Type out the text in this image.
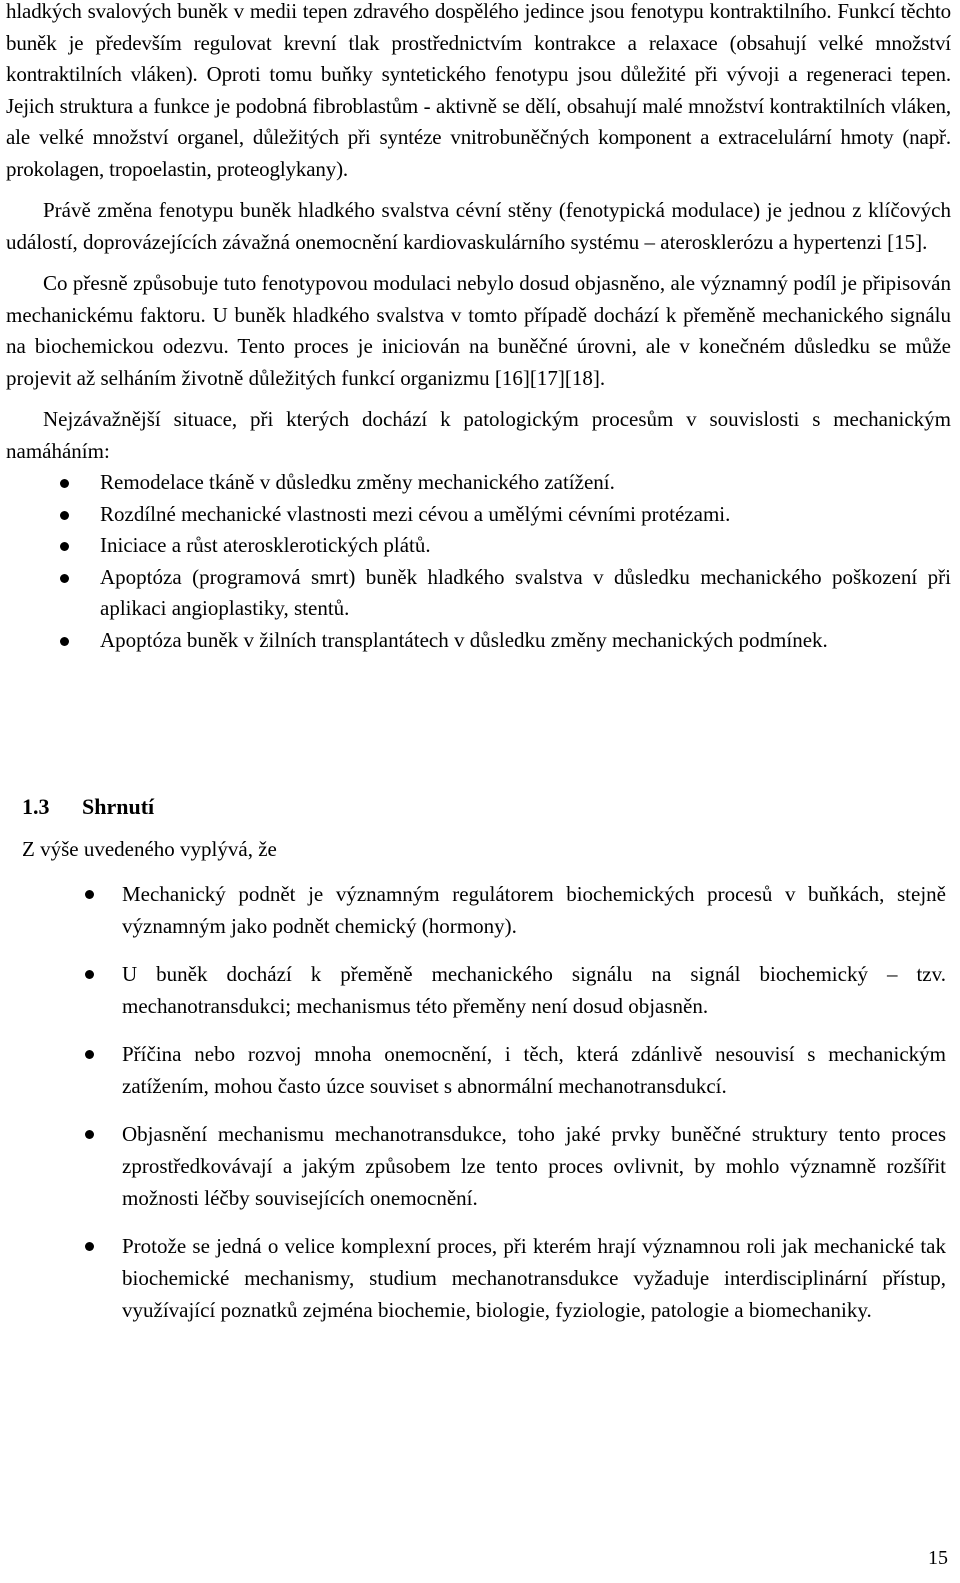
hladkých svalových buněk v medii tepen zdravého dospělého jedince jsou fenotypu kontraktilního. Funkcí těchto buněk je především regulovat krevní tlak prostřednictvím kontrakce a relaxace (obsahují velké množství kontraktilních vláken). Oproti tomu buňky syntetického fenotypu jsou důležité při vývoji a regeneraci tepen. Jejich struktura a funkce je podobná fibroblastům - aktivně se dělí, obsahují malé množství kontraktilních vláken, ale velké množství organel, důležitých při syntéze vnitrobuněčných komponent a extracelulární hmoty (např. prokolagen, tropoelastin, proteoglykany).

Právě změna fenotypu buněk hladkého svalstva cévní stěny (fenotypická modulace) je jednou z klíčových událostí, doprovázejících závažná onemocnění kardiovaskulárního systému – aterosklerózu a hypertenzi [15].

Co přesně způsobuje tuto fenotypovou modulaci nebylo dosud objasněno, ale významný podíl je připisován mechanickému faktoru. U buněk hladkého svalstva v tomto případě dochází k přeměně mechanického signálu na biochemickou odezvu. Tento proces je iniciován na buněčné úrovni, ale v konečném důsledku se může projevit až selháním životně důležitých funkcí organizmu [16][17][18].

Nejzávažnější situace, při kterých dochází k patologickým procesům v souvislosti s mechanickým namáháním:

Remodelace tkáně v důsledku změny mechanického zatížení.
Rozdílné mechanické vlastnosti mezi cévou a umělými cévními protézami.
Iniciace a růst aterosklerotických plátů.
Apoptóza (programová smrt) buněk hladkého svalstva v důsledku mechanického poškození při aplikaci angioplastiky, stentů.
Apoptóza buněk v žilních transplantátech v důsledku změny mechanických podmínek.
1.3 Shrnutí
Z výše uvedeného vyplývá, že
Mechanický podnět je významným regulátorem biochemických procesů v buňkách, stejně významným jako podnět chemický (hormony).
U buněk dochází k přeměně mechanického signálu na signál biochemický – tzv. mechanotransdukci; mechanismus této přeměny není dosud objasněn.
Příčina nebo rozvoj mnoha onemocnění, i těch, která zdánlivě nesouvisí s mechanickým zatížením, mohou často úzce souviset s abnormální mechanotransdukcí.
Objasnění mechanismu mechanotransdukce, toho jaké prvky buněčné struktury tento proces zprostředkovávají a jakým způsobem lze tento proces ovlivnit, by mohlo významně rozšířit možnosti léčby souvisejících onemocnění.
Protože se jedná o velice komplexní proces, při kterém hrají významnou roli jak mechanické tak biochemické mechanismy, studium mechanotransdukce vyžaduje interdisciplinární přístup, využívající poznatků zejména biochemie, biologie, fyziologie, patologie a biomechaniky.
15
